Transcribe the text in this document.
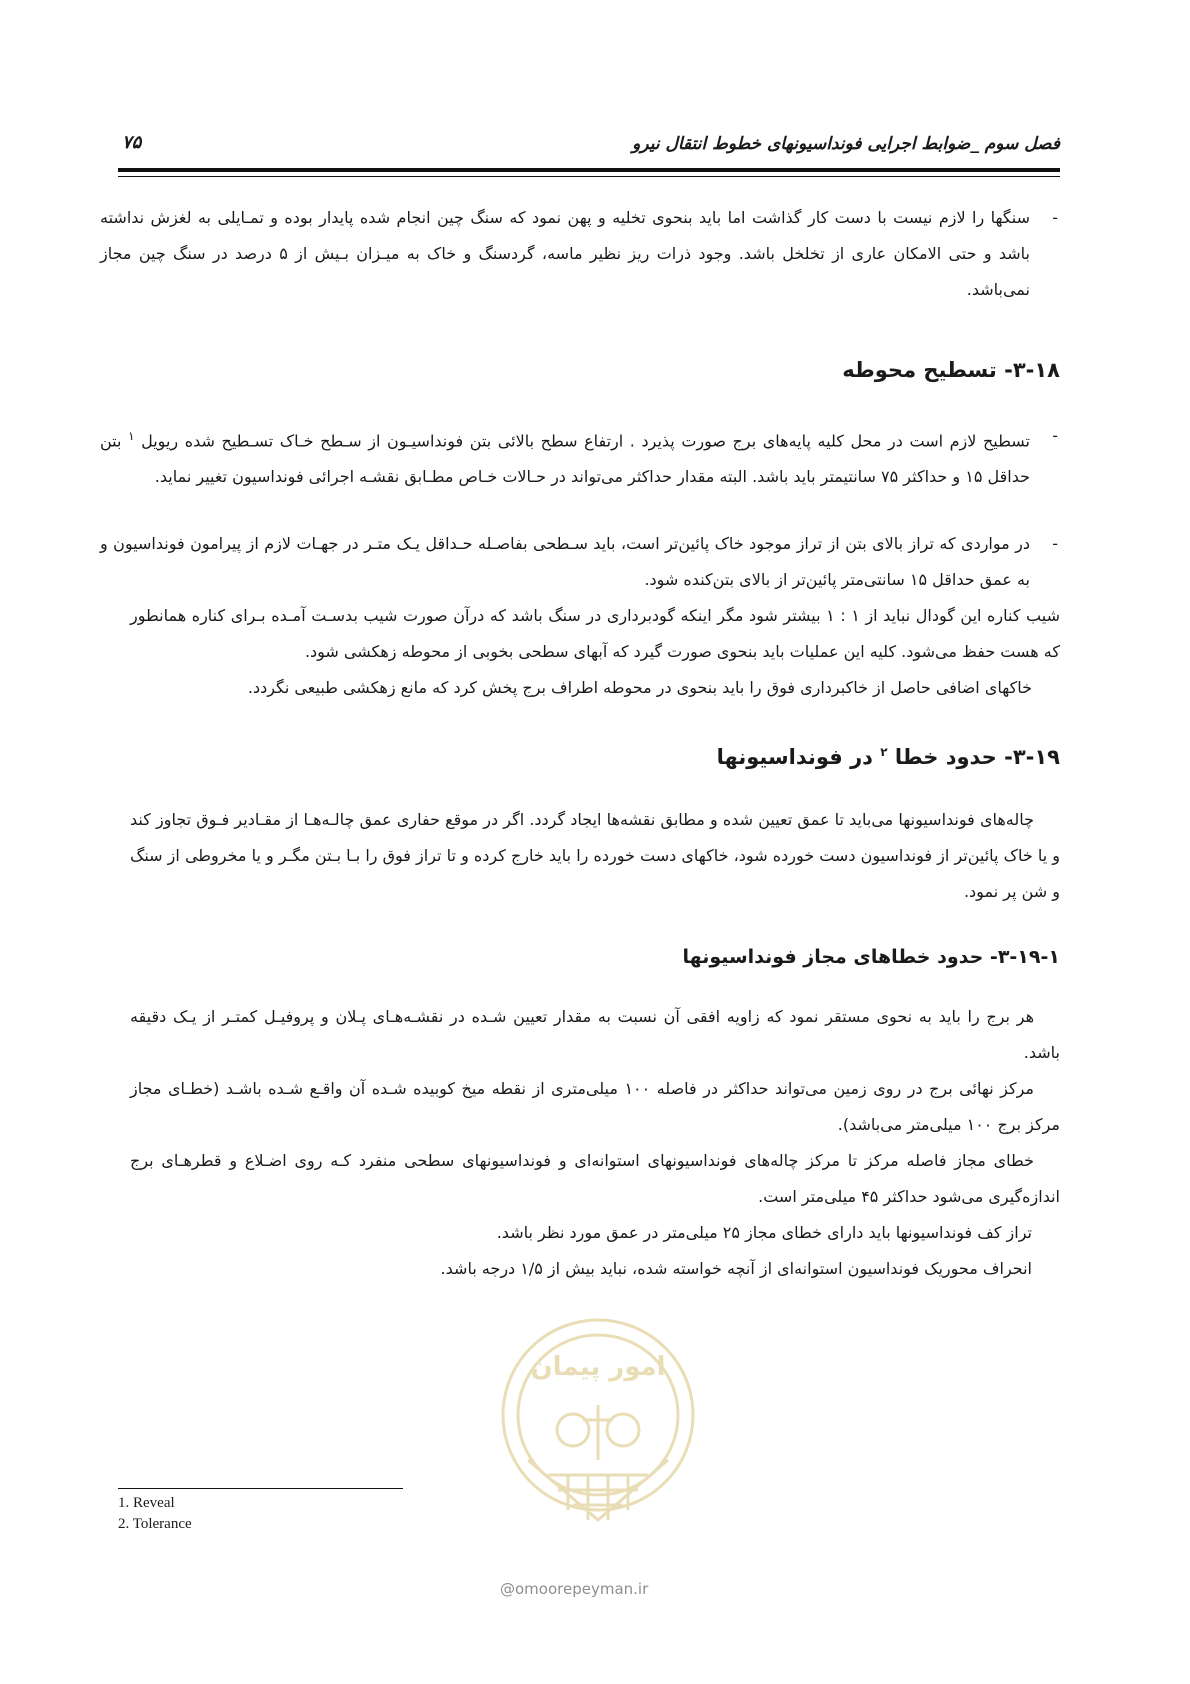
فصل سوم _ضوابط اجرایی فونداسیونهای خطوط انتقال نیرو
۷۵
- سنگها را لازم نیست با دست کار گذاشت اما باید بنحوی تخلیه و پهن نمود که سنگ چین انجام شده پایدار بوده و تمـایلی به لغزش نداشته باشد و حتی الامکان عاری از تخلخل باشد. وجود ذرات ریز نظیر ماسه، گردسنگ و خاک به میـزان بـیش از ۵ درصد در سنگ چین مجاز نمی‌باشد.
۳-۱۸- تسطیح محوطه
- تسطیح لازم است در محل کلیه پایه‌های برج صورت پذیرد . ارتفاع سطح بالائی بتن فونداسیـون از سـطح خـاک تسـطیح شده ریویل $^۱$ بتن حداقل ۱۵ و حداکثر ۷۵ سانتیمتر باید باشد. البته مقدار حداکثر می‌تواند در حـالات خـاص مطـابق نقشـه اجرائی فونداسیون تغییر نماید.
- در مواردی که تراز بالای بتن از تراز موجود خاک پائین‌تر است، باید سـطحی بفاصـله حـداقل یـک متـر در جهـات لازم از پیرامون فونداسیون و به عمق حداقل ۱۵ سانتی‌متر پائین‌تر از بالای بتن‌کنده شود.
شیب کناره این گودال نباید از ۱ : ۱ بیشتر شود مگر اینکه گودبرداری در سنگ باشد که درآن صورت شیب بدسـت آمـده بـرای کناره همانطور که هست حفظ می‌شود. کلیه این عملیات باید بنحوی صورت گیرد که آبهای سطحی بخوبی از محوطه زهکشی شود.
خاکهای اضافی حاصل از خاکبرداری فوق را باید بنحوی در محوطه اطراف برج پخش کرد که مانع زهکشی طبیعی نگردد.
۳-۱۹- حدود خطا $^۲$ در فونداسیونها
چاله‌های فونداسیونها می‌باید تا عمق تعیین شده و مطابق نقشه‌ها ایجاد گردد. اگر در موقع حفاری عمق چالـه‌هـا از مقـادیر فـوق تجاوز کند و یا خاک پائین‌تر از فونداسیون دست خورده شود، خاکهای دست خورده را باید خارج کرده و تا تراز فوق را بـا بـتن مگـر و یا مخروطی از سنگ و شن پر نمود.
۳-۱۹-۱- حدود خطاهای مجاز فونداسیونها
هر برج را باید به نحوی مستقر نمود که زاویه افقی آن نسبت به مقدار تعیین شـده در نقشـه‌هـای پـلان و پروفیـل کمتـر از یـک دقیقه باشد.
مرکز نهائی برج در روی زمین می‌تواند حداکثر در فاصله ۱۰۰ میلی‌متری از نقطه میخ کوبیده شـده آن واقـع شـده باشـد (خطـای مجاز مرکز برج ۱۰۰ میلی‌متر می‌باشد).
خطای مجاز فاصله مرکز تا مرکز چاله‌های فونداسیونهای استوانه‌ای و فونداسیونهای سطحی منفرد کـه روی اضـلاع و قطرهـای برج اندازه‌گیری می‌شود حداکثر ۴۵ میلی‌متر است.
تراز کف فونداسیونها باید دارای خطای مجاز ۲۵ میلی‌متر در عمق مورد نظر باشد.
انحراف محوریک فونداسیون استوانه‌ای از آنچه خواسته شده، نباید بیش از ۱/۵ درجه باشد.
امور پیمان
@omoorepeyman.ir
1. Reveal
2. Tolerance
